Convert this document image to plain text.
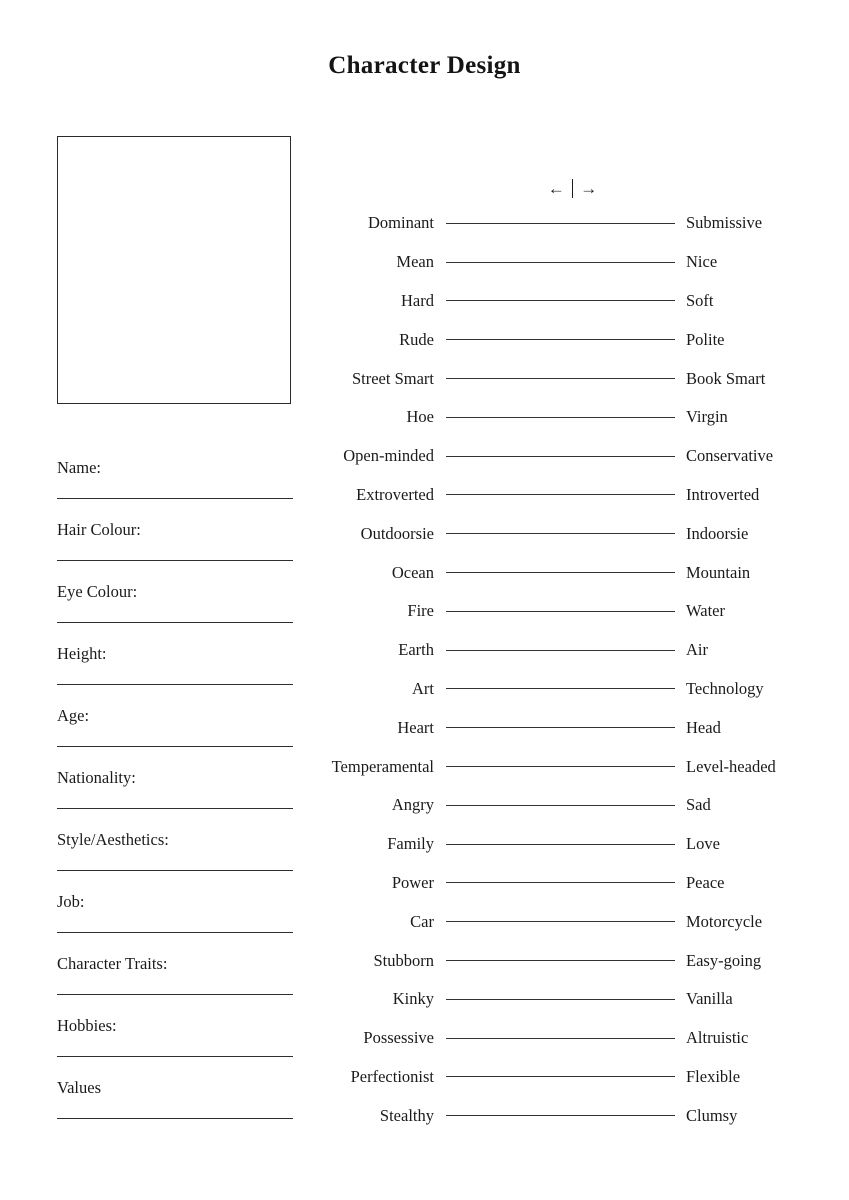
Character Design
Name:
Hair Colour:
Eye Colour:
Height:
Age:
Nationality:
Style/Aesthetics:
Job:
Character Traits:
Hobbies:
Values
← →
Dominant	Submissive
Mean	Nice
Hard	Soft
Rude	Polite
Street Smart	Book Smart
Hoe	Virgin
Open-minded	Conservative
Extroverted	Introverted
Outdoorsie	Indoorsie
Ocean	Mountain
Fire	Water
Earth	Air
Art	Technology
Heart	Head
Temperamental	Level-headed
Angry	Sad
Family	Love
Power	Peace
Car	Motorcycle
Stubborn	Easy-going
Kinky	Vanilla
Possessive	Altruistic
Perfectionist	Flexible
Stealthy	Clumsy
